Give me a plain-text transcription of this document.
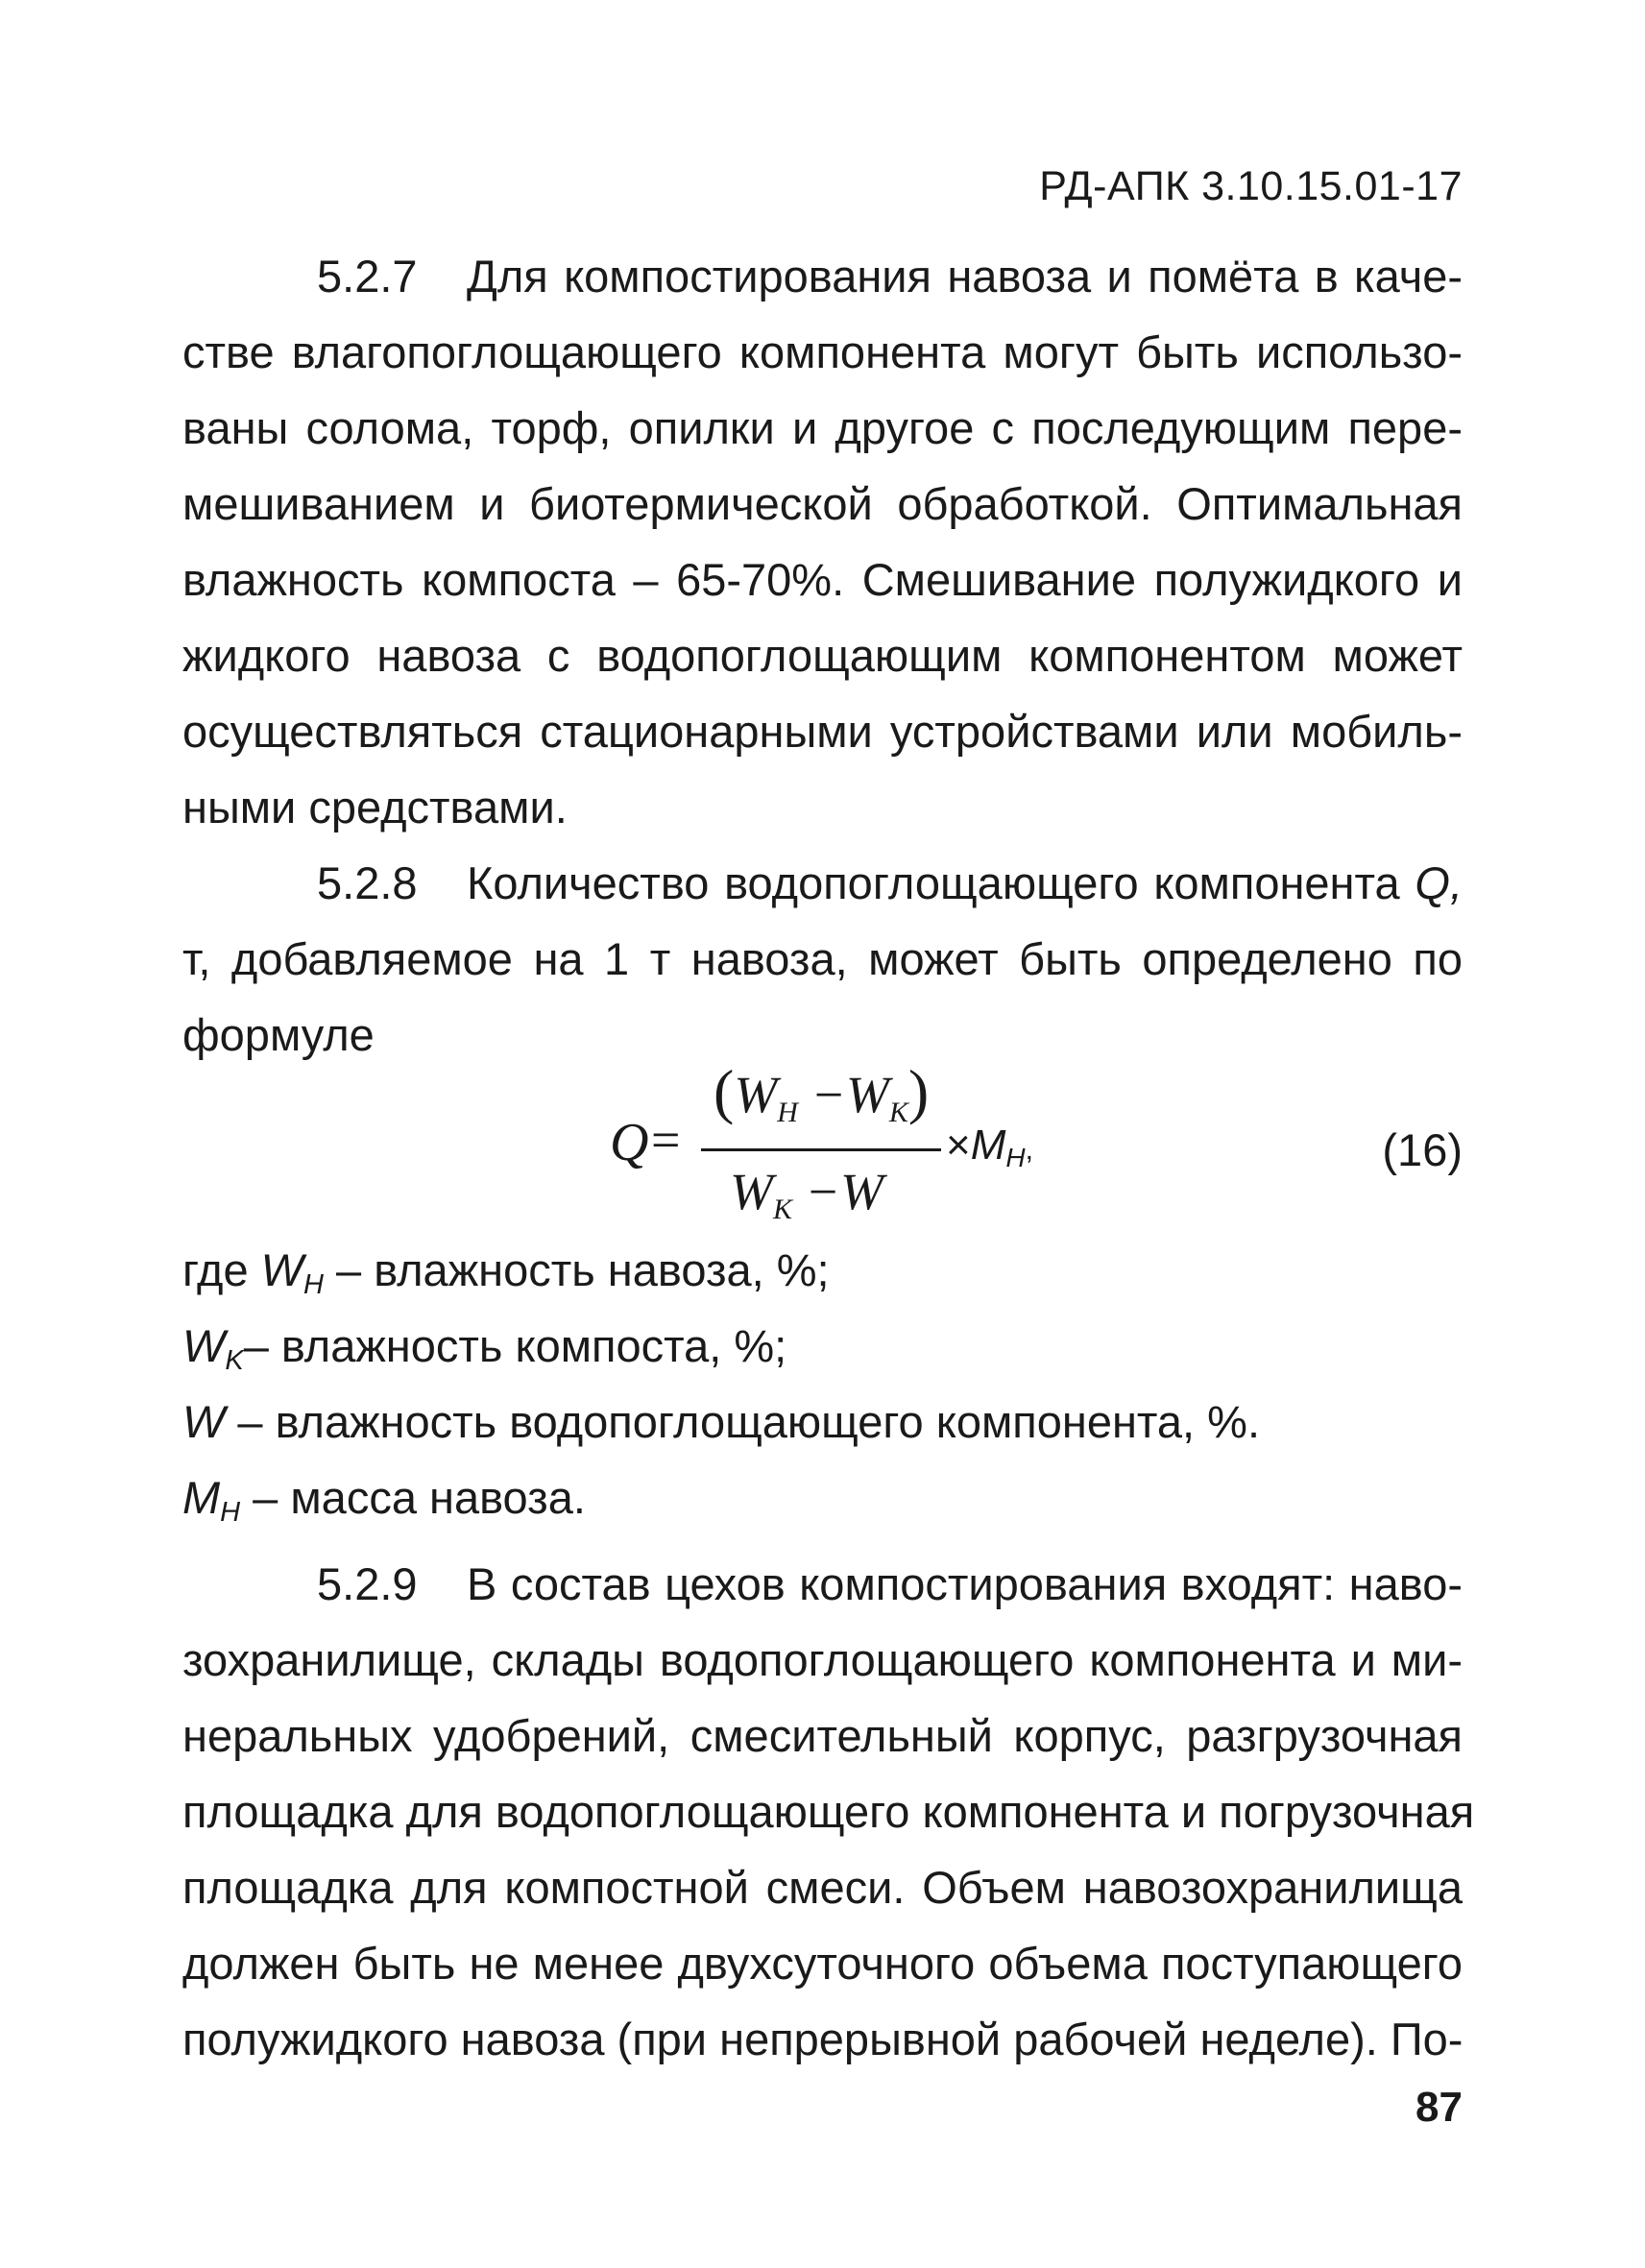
РД-АПК 3.10.15.01-17
5.2.7 Для компостирования навоза и помёта в каче-
стве влагопоглощающего компонента могут быть использо-
ваны солома, торф, опилки и другое с последующим пере-
мешиванием и биотермической обработкой. Оптимальная
влажность компоста – 65-70%. Смешивание полужидкого и
жидкого навоза с водопоглощающим компонентом может
осуществляться стационарными устройствами или мобиль-
ными средствами.
5.2.8 Количество водопоглощающего компонента Q,
т, добавляемое на 1 т навоза, может быть определено по
формуле
Q =
(WH −WK)
WK −W
$\times M_H$,	(16)
где $W_H$ – влажность навоза, %;
$W_K-$ влажность компоста, %;
W – влажность водопоглощающего компонента, %.
$M_H$ – масса навоза.
5.2.9 В состав цехов компостирования входят: наво-
зохранилище, склады водопоглощающего компонента и ми-
неральных удобрений, смесительный корпус, разгрузочная
площадка для водопоглощающего компонента и погрузочная
площадка для компостной смеси. Объем навозохранилища
должен быть не менее двухсуточного объема поступающего
полужидкого навоза (при непрерывной рабочей неделе). По-
87
